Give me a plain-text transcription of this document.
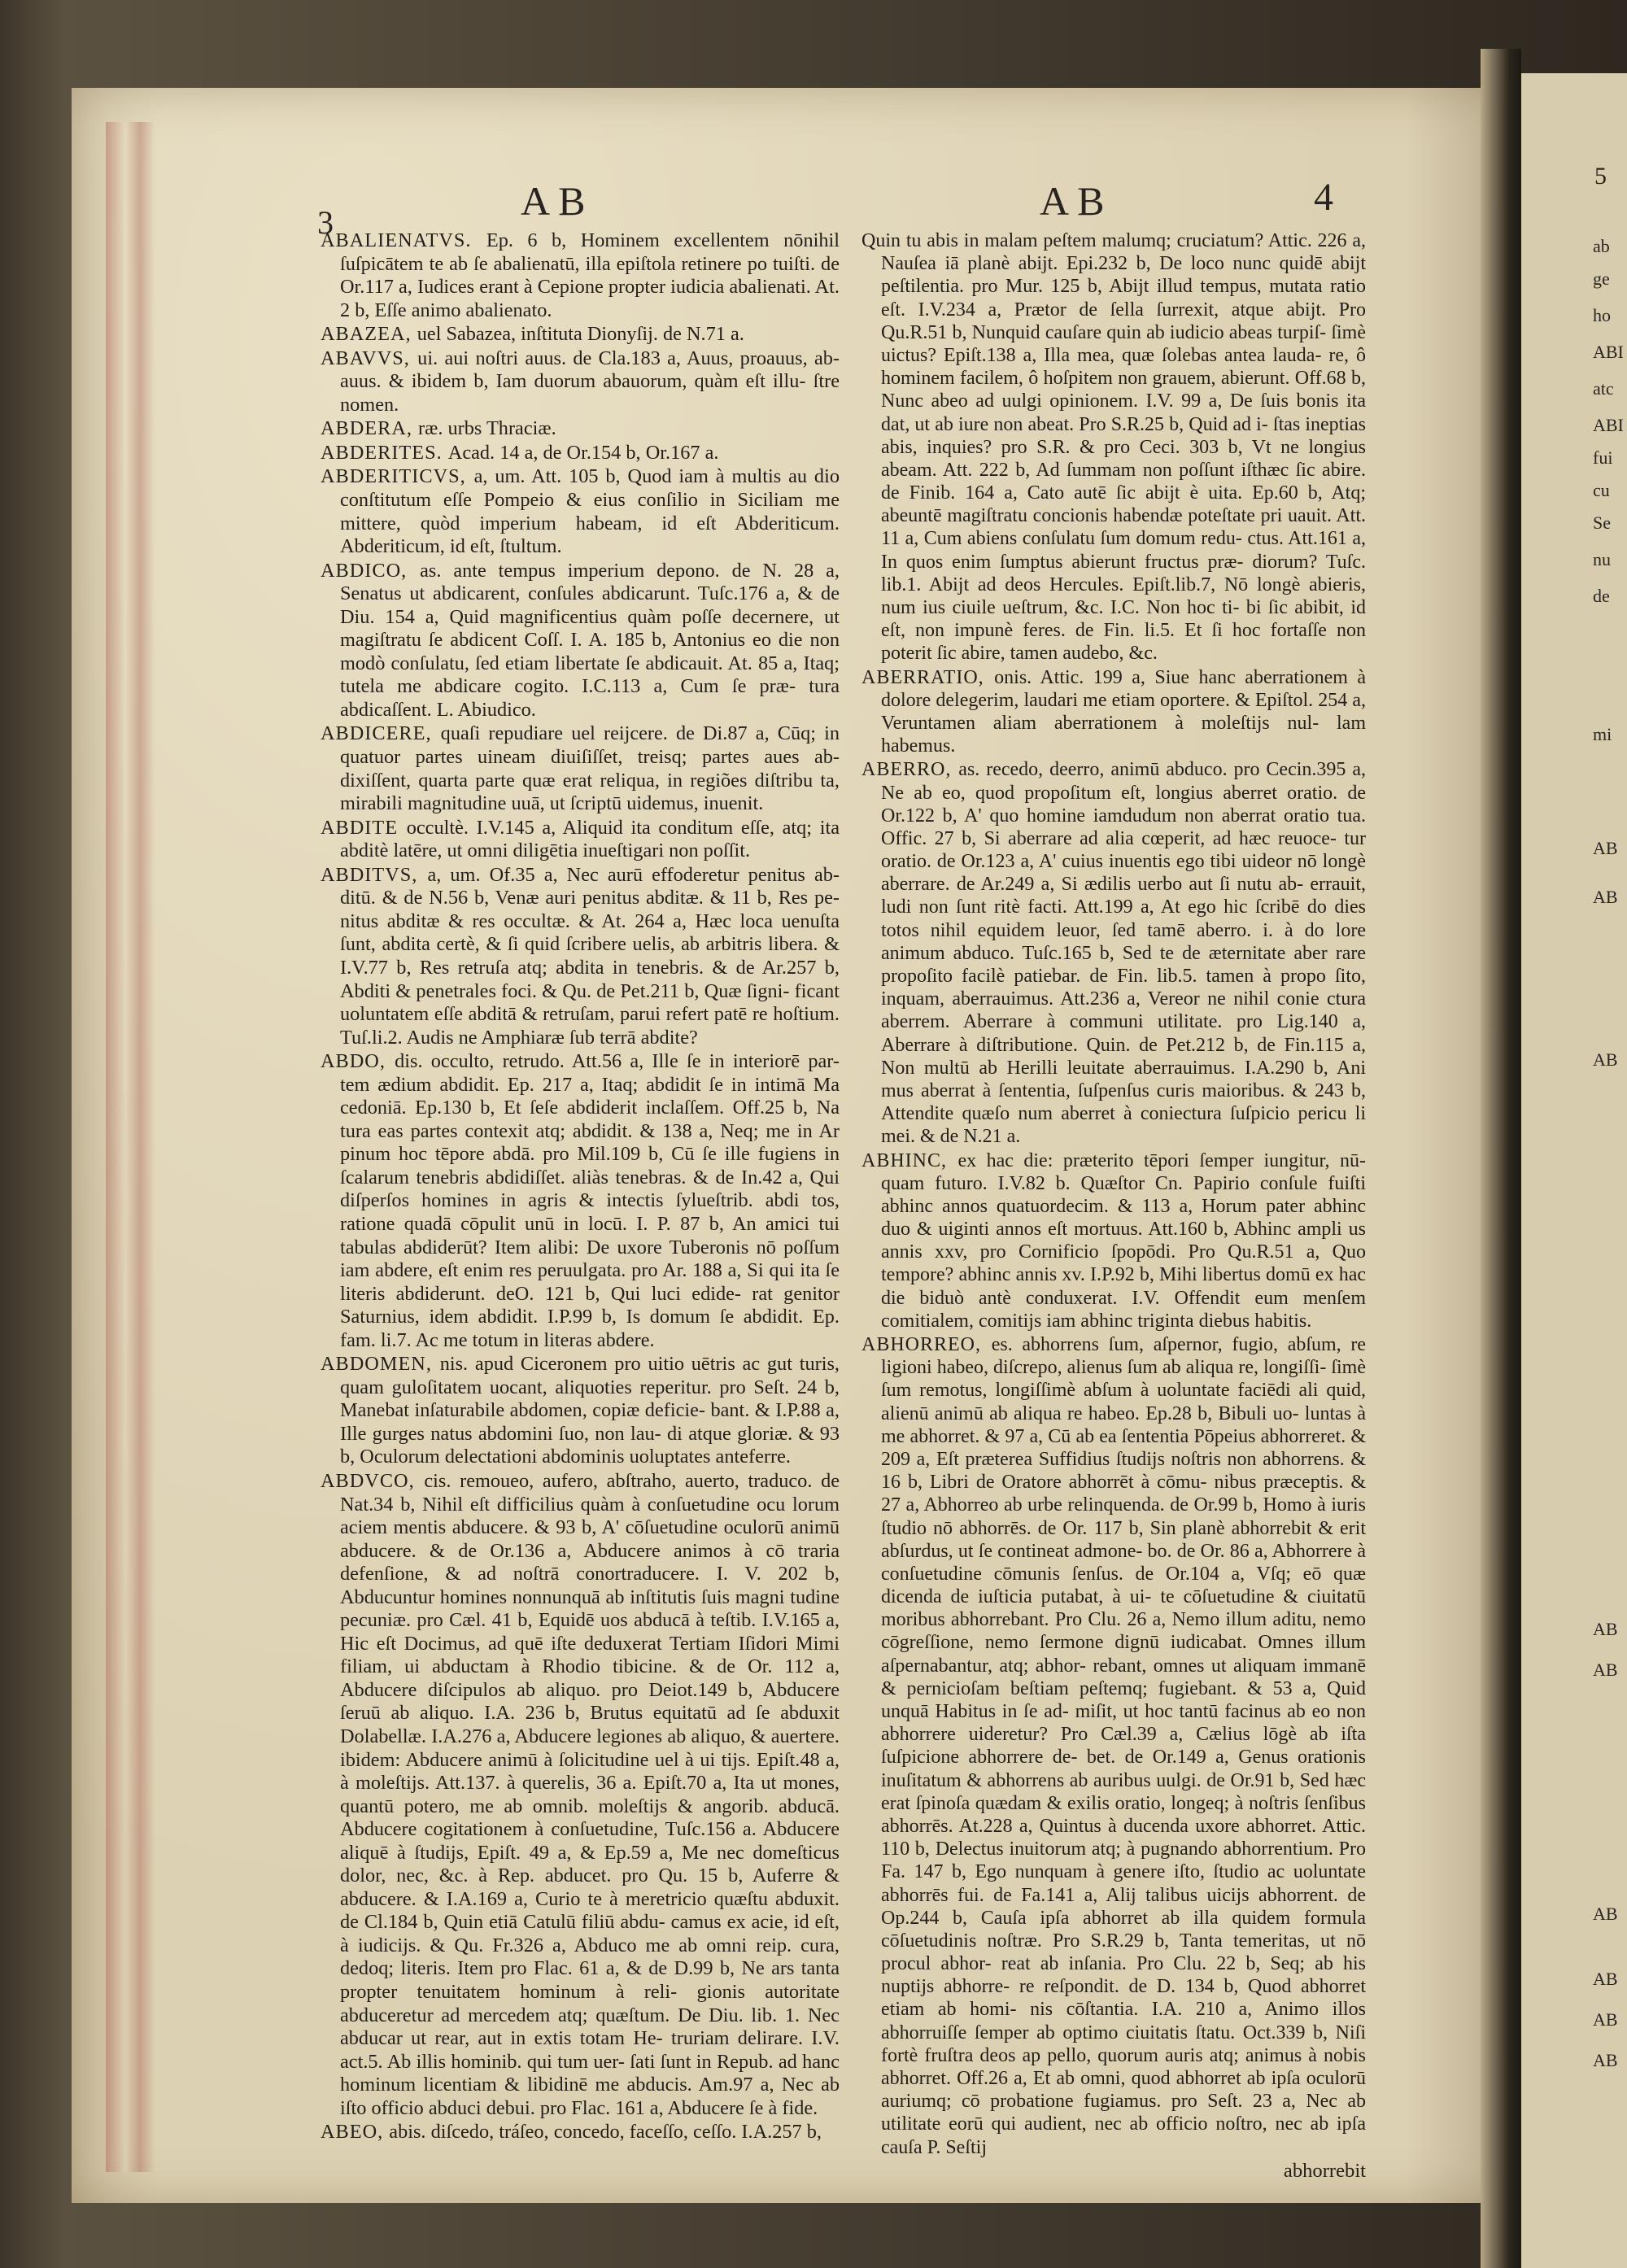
5
ab
ge
ho
ABI
atc
ABI
fui
cu
Se
nu
de
mi
AB
AB
AB
AB
AB
AB
AB
AB
AB
3	AB	AB	4

ABALIENATVS. Ep. 6 b, Hominem excellentem nōnihil ſuſpicātem te ab ſe abalienatū, illa epiſtola retinere po tuiſti. de Or.117 a, Iudices erant à Cepione propter iudicia abalienati. At. 2 b, Eſſe animo abalienato.

ABAZEA, uel Sabazea, inſtituta Dionyſij. de N.71 a.

ABAVVS, ui. aui noſtri auus. de Cla.183 a, Auus, proauus, ab- auus. & ibidem b, Iam duorum abauorum, quàm eſt illu- ſtre nomen.

ABDERA, ræ. urbs Thraciæ.

ABDERITES. Acad. 14 a, de Or.154 b, Or.167 a.

ABDERITICVS, a, um. Att. 105 b, Quod iam à multis au dio conſtitutum eſſe Pompeio & eius conſilio in Siciliam me mittere, quòd imperium habeam, id eſt Abderiticum. Abderiticum, id eſt, ſtultum.

ABDICO, as. ante tempus imperium depono. de N. 28 a, Senatus ut abdicarent, conſules abdicarunt. Tuſc.176 a, & de Diu. 154 a, Quid magnificentius quàm poſſe decernere, ut magiſtratu ſe abdicent Coſſ. I. A. 185 b, Antonius eo die non modò conſulatu, ſed etiam libertate ſe abdicauit. At. 85 a, Itaq; tutela me abdicare cogito. I.C.113 a, Cum ſe præ- tura abdicaſſent. L. Abiudico.

ABDICERE, quaſi repudiare uel reijcere. de Di.87 a, Cūq; in quatuor partes uineam diuiſiſſet, treisq; partes aues ab- dixiſſent, quarta parte quæ erat reliqua, in regiões diſtribu ta, mirabili magnitudine uuā, ut ſcriptū uidemus, inuenit.

ABDITE occultè. I.V.145 a, Aliquid ita conditum eſſe, atq; ita abditè latēre, ut omni diligētia inueſtigari non poſſit.

ABDITVS, a, um. Of.35 a, Nec aurū effoderetur penitus ab- ditū. & de N.56 b, Venæ auri penitus abditæ. & 11 b, Res pe- nitus abditæ & res occultæ. & At. 264 a, Hæc loca uenuſta ſunt, abdita certè, & ſi quid ſcribere uelis, ab arbitris libera. & I.V.77 b, Res retruſa atq; abdita in tenebris. & de Ar.257 b, Abditi & penetrales foci. & Qu. de Pet.211 b, Quæ ſigni- ficant uoluntatem eſſe abditā & retruſam, parui refert patē re hoſtium. Tuſ.li.2. Audis ne Amphiaræ ſub terrā abdite?

ABDO, dis. occulto, retrudo. Att.56 a, Ille ſe in interiorē par- tem ædium abdidit. Ep. 217 a, Itaq; abdidit ſe in intimā Ma cedoniā. Ep.130 b, Et ſeſe abdiderit inclaſſem. Off.25 b, Na tura eas partes contexit atq; abdidit. & 138 a, Neq; me in Ar pinum hoc tēpore abdā. pro Mil.109 b, Cū ſe ille fugiens in ſcalarum tenebris abdidiſſet. aliàs tenebras. & de In.42 a, Qui diſperſos homines in agris & intectis ſylueſtrib. abdi tos, ratione quadā cōpulit unū in locū. I. P. 87 b, An amici tui tabulas abdiderūt? Item alibi: De uxore Tuberonis nō poſſum iam abdere, eſt enim res peruulgata. pro Ar. 188 a, Si qui ita ſe literis abdiderunt. deO. 121 b, Qui luci edide- rat genitor Saturnius, idem abdidit. I.P.99 b, Is domum ſe abdidit. Ep. fam. li.7. Ac me totum in literas abdere.

ABDOMEN, nis. apud Ciceronem pro uitio uētris ac gut turis, quam guloſitatem uocant, aliquoties reperitur. pro Seſt. 24 b, Manebat inſaturabile abdomen, copiæ deficie- bant. & I.P.88 a, Ille gurges natus abdomini ſuo, non lau- di atque gloriæ. & 93 b, Oculorum delectationi abdominis uoluptates anteferre.

ABDVCO, cis. remoueo, aufero, abſtraho, auerto, traduco. de Nat.34 b, Nihil eſt difficilius quàm à conſuetudine ocu lorum aciem mentis abducere. & 93 b, A' cōſuetudine oculorū animū abducere. & de Or.136 a, Abducere animos à cō traria defenſione, & ad noſtrā conortraducere. I. V. 202 b, Abducuntur homines nonnunquā ab inſtitutis ſuis magni tudine pecuniæ. pro Cæl. 41 b, Equidē uos abducā à teſtib. I.V.165 a, Hic eſt Docimus, ad quē iſte deduxerat Tertiam Iſidori Mimi filiam, ui abductam à Rhodio tibicine. & de Or. 112 a, Abducere diſcipulos ab aliquo. pro Deiot.149 b, Abducere ſeruū ab aliquo. I.A. 236 b, Brutus equitatū ad ſe abduxit Dolabellæ. I.A.276 a, Abducere legiones ab aliquo, & auertere. ibidem: Abducere animū à ſolicitudine uel à ui tijs. Epiſt.48 a, à moleſtijs. Att.137. à querelis, 36 a. Epiſt.70 a, Ita ut mones, quantū potero, me ab omnib. moleſtijs & angorib. abducā. Abducere cogitationem à conſuetudine, Tuſc.156 a. Abducere aliquē à ſtudijs, Epiſt. 49 a, & Ep.59 a, Me nec domeſticus dolor, nec, &c. à Rep. abducet. pro Qu. 15 b, Auferre & abducere. & I.A.169 a, Curio te à meretricio quæſtu abduxit. de Cl.184 b, Quin etiā Catulū filiū abdu- camus ex acie, id eſt, à iudicijs. & Qu. Fr.326 a, Abduco me ab omni reip. cura, dedoq; literis. Item pro Flac. 61 a, & de D.99 b, Ne ars tanta propter tenuitatem hominum à reli- gionis autoritate abduceretur ad mercedem atq; quæſtum. De Diu. lib. 1. Nec abducar ut rear, aut in extis totam He- truriam delirare. I.V. act.5. Ab illis hominib. qui tum uer- ſati ſunt in Repub. ad hanc hominum licentiam & libidinē me abducis. Am.97 a, Nec ab iſto officio abduci debui. pro Flac. 161 a, Abducere ſe à fide.

ABEO, abis. diſcedo, tráſeo, concedo, faceſſo, ceſſo. I.A.257 b,

Quin tu abis in malam peſtem malumq; cruciatum? Attic. 226 a, Nauſea iā planè abijt. Epi.232 b, De loco nunc quidē abijt peſtilentia. pro Mur. 125 b, Abijt illud tempus, mutata ratio eſt. I.V.234 a, Prætor de ſella ſurrexit, atque abijt. Pro Qu.R.51 b, Nunquid cauſare quin ab iudicio abeas turpiſ- ſimè uictus? Epiſt.138 a, Illa mea, quæ ſolebas antea lauda- re, ô hominem facilem, ô hoſpitem non grauem, abierunt. Off.68 b, Nunc abeo ad uulgi opinionem. I.V. 99 a, De ſuis bonis ita dat, ut ab iure non abeat. Pro S.R.25 b, Quid ad i- ſtas ineptias abis, inquies? pro S.R. & pro Ceci. 303 b, Vt ne longius abeam. Att. 222 b, Ad ſummam non poſſunt iſthæc ſic abire. de Finib. 164 a, Cato autē ſic abijt è uita. Ep.60 b, Atq; abeuntē magiſtratu concionis habendæ poteſtate pri uauit. Att. 11 a, Cum abiens conſulatu ſum domum redu- ctus. Att.161 a, In quos enim ſumptus abierunt fructus præ- diorum? Tuſc. lib.1. Abijt ad deos Hercules. Epiſt.lib.7, Nō longè abieris, num ius ciuile ueſtrum, &c. I.C. Non hoc ti- bi ſic abibit, id eſt, non impunè feres. de Fin. li.5. Et ſi hoc fortaſſe non poterit ſic abire, tamen audebo, &c.

ABERRATIO, onis. Attic. 199 a, Siue hanc aberrationem à dolore delegerim, laudari me etiam oportere. & Epiſtol. 254 a, Veruntamen aliam aberrationem à moleſtijs nul- lam habemus.

ABERRO, as. recedo, deerro, animū abduco. pro Cecin.395 a, Ne ab eo, quod propoſitum eſt, longius aberret oratio. de Or.122 b, A' quo homine iamdudum non aberrat oratio tua. Offic. 27 b, Si aberrare ad alia cœperit, ad hæc reuoce- tur oratio. de Or.123 a, A' cuius inuentis ego tibi uideor nō longè aberrare. de Ar.249 a, Si ædilis uerbo aut ſi nutu ab- errauit, ludi non ſunt ritè facti. Att.199 a, At ego hic ſcribē do dies totos nihil equidem leuor, ſed tamē aberro. i. à do lore animum abduco. Tuſc.165 b, Sed te de æternitate aber rare propoſito facilè patiebar. de Fin. lib.5. tamen à propo ſito, inquam, aberrauimus. Att.236 a, Vereor ne nihil conie ctura aberrem. Aberrare à communi utilitate. pro Lig.140 a, Aberrare à diſtributione. Quin. de Pet.212 b, de Fin.115 a, Non multū ab Herilli leuitate aberrauimus. I.A.290 b, Ani mus aberrat à ſententia, ſuſpenſus curis maioribus. & 243 b, Attendite quæſo num aberret à coniectura ſuſpicio pericu li mei. & de N.21 a.

ABHINC, ex hac die: præterito tēpori ſemper iungitur, nū- quam futuro. I.V.82 b. Quæſtor Cn. Papirio conſule fuiſti abhinc annos quatuordecim. & 113 a, Horum pater abhinc duo & uiginti annos eſt mortuus. Att.160 b, Abhinc ampli us annis xxv, pro Cornificio ſpopōdi. Pro Qu.R.51 a, Quo tempore? abhinc annis xv. I.P.92 b, Mihi libertus domū ex hac die biduò antè conduxerat. I.V. Offendit eum menſem comitialem, comitijs iam abhinc triginta diebus habitis.

ABHORREO, es. abhorrens ſum, aſpernor, fugio, abſum, re ligioni habeo, diſcrepo, alienus ſum ab aliqua re, longiſſi- ſimè ſum remotus, longiſſimè abſum à uoluntate faciēdi ali quid, alienū animū ab aliqua re habeo. Ep.28 b, Bibuli uo- luntas à me abhorret. & 97 a, Cū ab ea ſententia Pōpeius abhorreret. & 209 a, Eſt præterea Suffidius ſtudijs noſtris non abhorrens. & 16 b, Libri de Oratore abhorrēt à cōmu- nibus præceptis. & 27 a, Abhorreo ab urbe relinquenda. de Or.99 b, Homo à iuris ſtudio nō abhorrēs. de Or. 117 b, Sin planè abhorrebit & erit abſurdus, ut ſe contineat admone- bo. de Or. 86 a, Abhorrere à conſuetudine cōmunis ſenſus. de Or.104 a, Vſq; eō quæ dicenda de iuſticia putabat, à ui- te cōſuetudine & ciuitatū moribus abhorrebant. Pro Clu. 26 a, Nemo illum aditu, nemo cōgreſſione, nemo ſermone dignū iudicabat. Omnes illum aſpernabantur, atq; abhor- rebant, omnes ut aliquam immanē & pernicioſam beſtiam peſtemq; fugiebant. & 53 a, Quid unquā Habitus in ſe ad- miſit, ut hoc tantū facinus ab eo non abhorrere uideretur? Pro Cæl.39 a, Cælius lōgè ab iſta ſuſpicione abhorrere de- bet. de Or.149 a, Genus orationis inuſitatum & abhorrens ab auribus uulgi. de Or.91 b, Sed hæc erat ſpinoſa quædam & exilis oratio, longeq; à noſtris ſenſibus abhorrēs. At.228 a, Quintus à ducenda uxore abhorret. Attic. 110 b, Delectus inuitorum atq; à pugnando abhorrentium. Pro Fa. 147 b, Ego nunquam à genere iſto, ſtudio ac uoluntate abhorrēs fui. de Fa.141 a, Alij talibus uicijs abhorrent. de Op.244 b, Cauſa ipſa abhorret ab illa quidem formula cōſuetudinis noſtræ. Pro S.R.29 b, Tanta temeritas, ut nō procul abhor- reat ab inſania. Pro Clu. 22 b, Seq; ab his nuptijs abhorre- re reſpondit. de D. 134 b, Quod abhorret etiam ab homi- nis cōſtantia. I.A. 210 a, Animo illos abhorruiſſe ſemper ab optimo ciuitatis ſtatu. Oct.339 b, Niſi fortè fruſtra deos ap pello, quorum auris atq; animus à nobis abhorret. Off.26 a, Et ab omni, quod abhorret ab ipſa oculorū auriumq; cō probatione fugiamus. pro Seſt. 23 a, Nec ab utilitate eorū qui audient, nec ab officio noſtro, nec ab ipſa cauſa P. Seſtij

abhorrebit
